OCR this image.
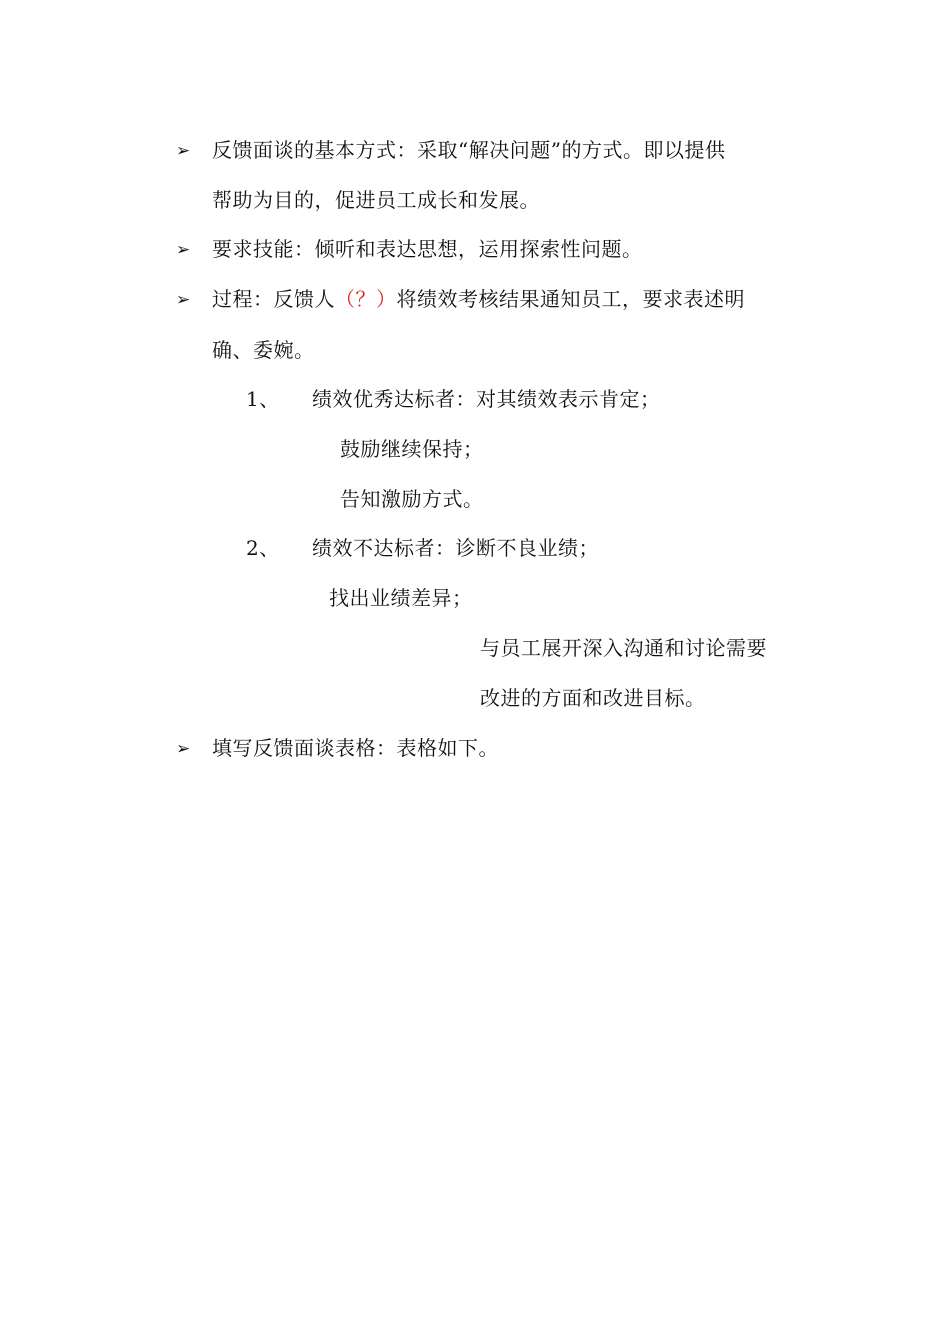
➢ 反馈面谈的基本方式：采取“解决问题”的方式。即以提供
帮助为目的，促进员工成长和发展。
➢ 要求技能：倾听和表达思想，运用探索性问题。
➢ 过程：反馈人（？）将绩效考核结果通知员工，要求表述明
确、委婉。
1、 绩效优秀达标者：对其绩效表示肯定；
鼓励继续保持；
告知激励方式。
2、 绩效不达标者：诊断不良业绩；
找出业绩差异；
与员工展开深入沟通和讨论需要
改进的方面和改进目标。
➢ 填写反馈面谈表格：表格如下。
